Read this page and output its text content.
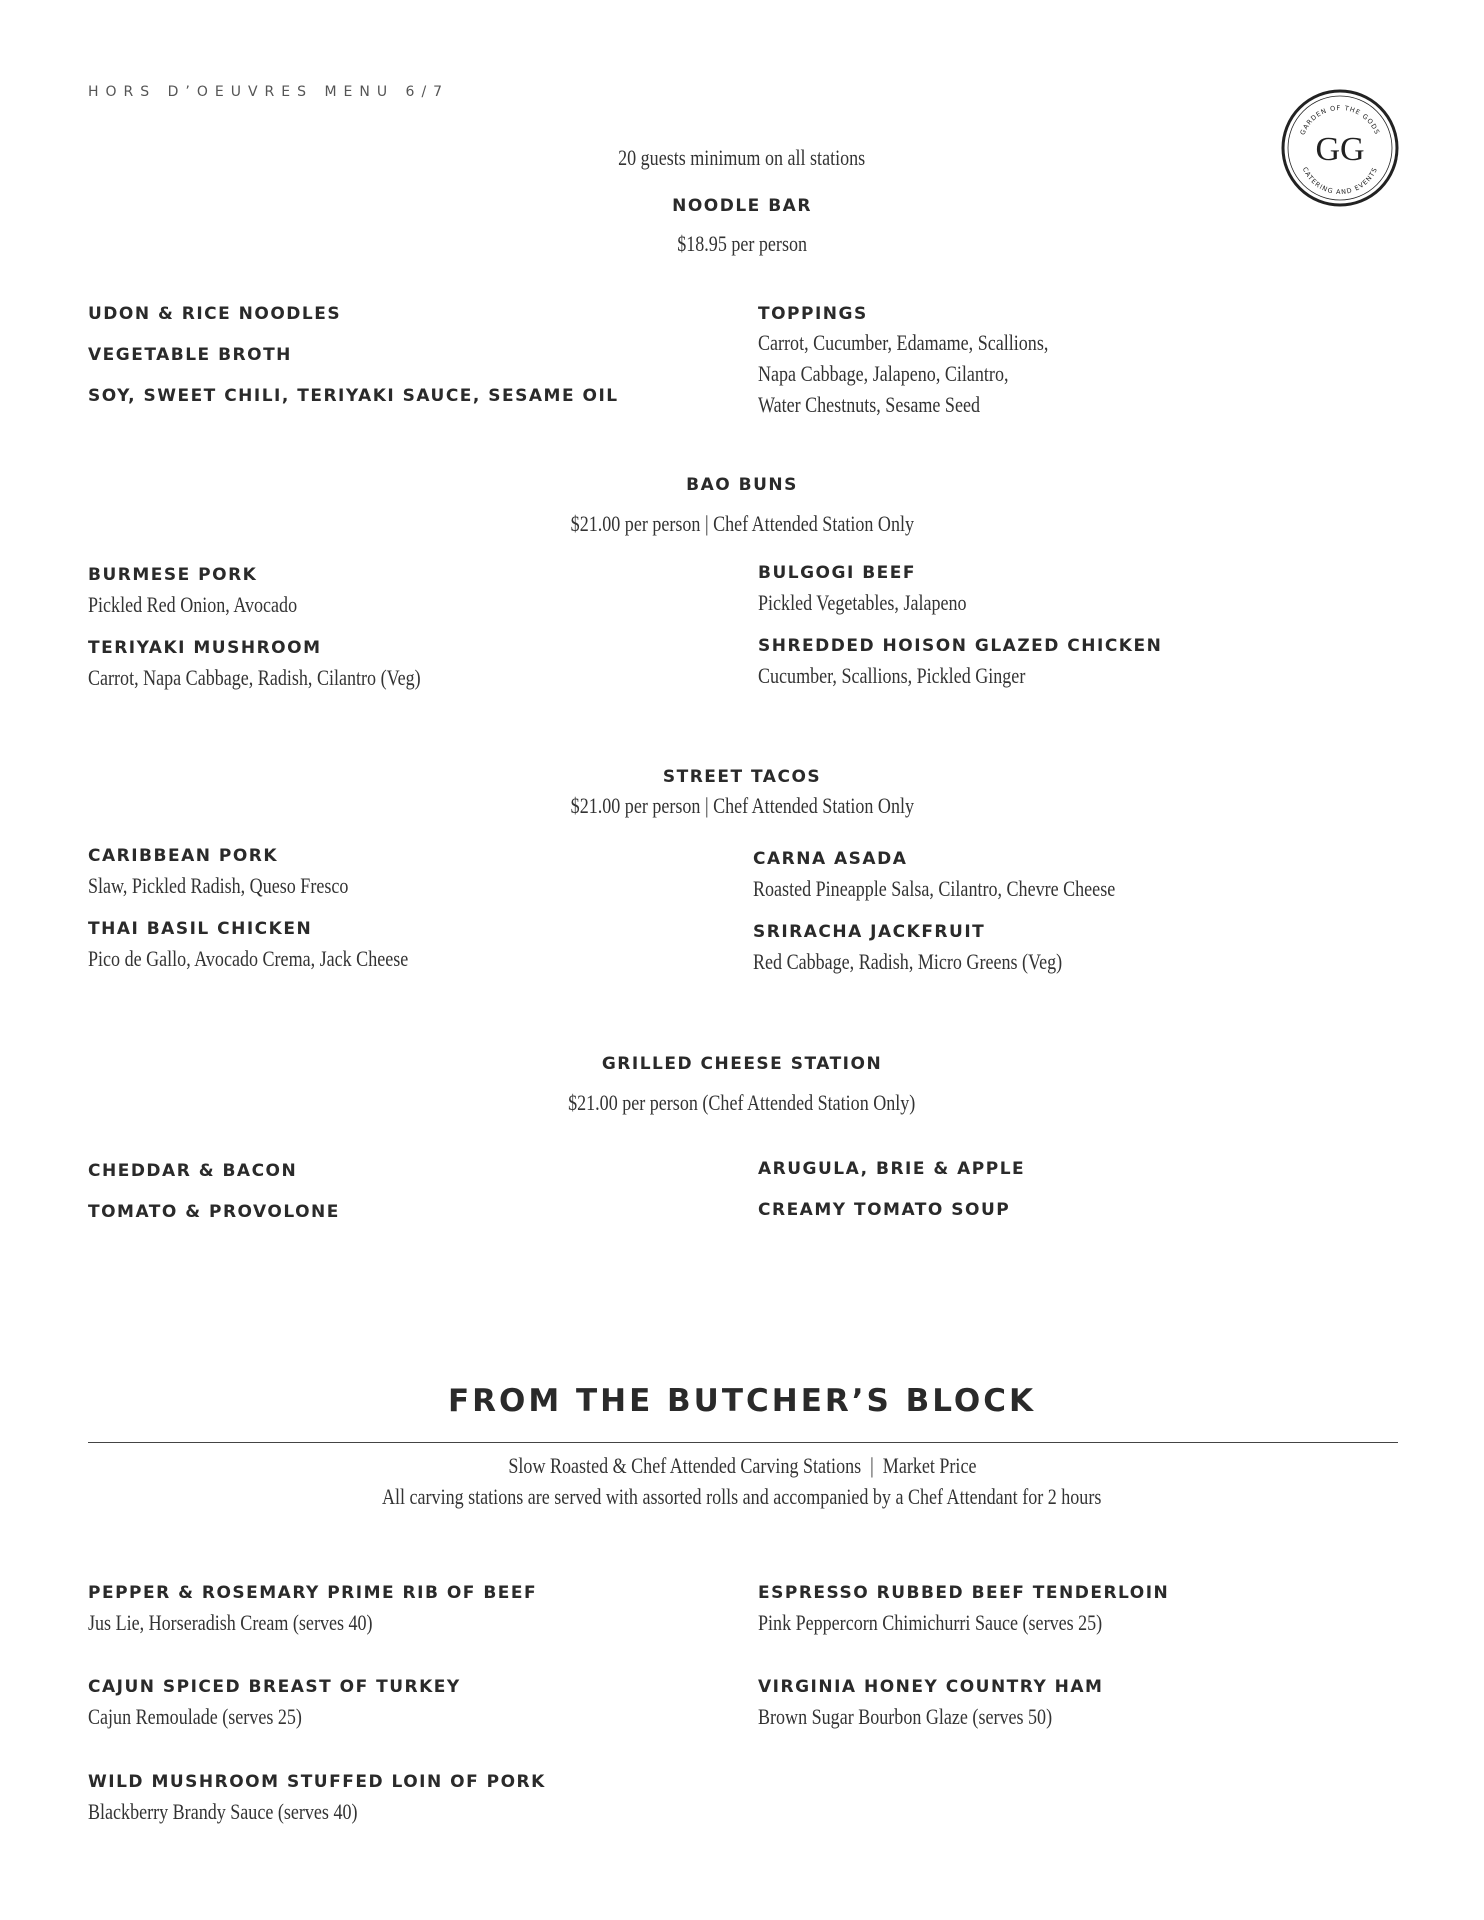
HORS D’OEUVRES MENU 6/7
GARDEN OF THE GODS
CATERING AND EVENTS
GG
20 guests minimum on all stations
NOODLE BAR
$18.95 per person
UDON & RICE NOODLES
VEGETABLE BROTH
SOY, SWEET CHILI, TERIYAKI SAUCE, SESAME OIL
TOPPINGS
Carrot, Cucumber, Edamame, Scallions,
Napa Cabbage, Jalapeno, Cilantro,
Water Chestnuts, Sesame Seed
BAO BUNS
$21.00 per person | Chef Attended Station Only
BURMESE PORK
Pickled Red Onion, Avocado
TERIYAKI MUSHROOM
Carrot, Napa Cabbage, Radish, Cilantro (Veg)
BULGOGI BEEF
Pickled Vegetables, Jalapeno
SHREDDED HOISON GLAZED CHICKEN
Cucumber, Scallions, Pickled Ginger
STREET TACOS
$21.00 per person | Chef Attended Station Only
CARIBBEAN PORK
Slaw, Pickled Radish, Queso Fresco
THAI BASIL CHICKEN
Pico de Gallo, Avocado Crema, Jack Cheese
CARNA ASADA
Roasted Pineapple Salsa, Cilantro, Chevre Cheese
SRIRACHA JACKFRUIT
Red Cabbage, Radish, Micro Greens (Veg)
GRILLED CHEESE STATION
$21.00 per person (Chef Attended Station Only)
CHEDDAR & BACON
TOMATO & PROVOLONE
ARUGULA, BRIE & APPLE
CREAMY TOMATO SOUP
FROM THE BUTCHER’S BLOCK
Slow Roasted & Chef Attended Carving Stations  |  Market Price
All carving stations are served with assorted rolls and accompanied by a Chef Attendant for 2 hours
PEPPER & ROSEMARY PRIME RIB OF BEEF
Jus Lie, Horseradish Cream (serves 40)
CAJUN SPICED BREAST OF TURKEY
Cajun Remoulade (serves 25)
WILD MUSHROOM STUFFED LOIN OF PORK
Blackberry Brandy Sauce (serves 40)
ESPRESSO RUBBED BEEF TENDERLOIN
Pink Peppercorn Chimichurri Sauce (serves 25)
VIRGINIA HONEY COUNTRY HAM
Brown Sugar Bourbon Glaze (serves 50)
